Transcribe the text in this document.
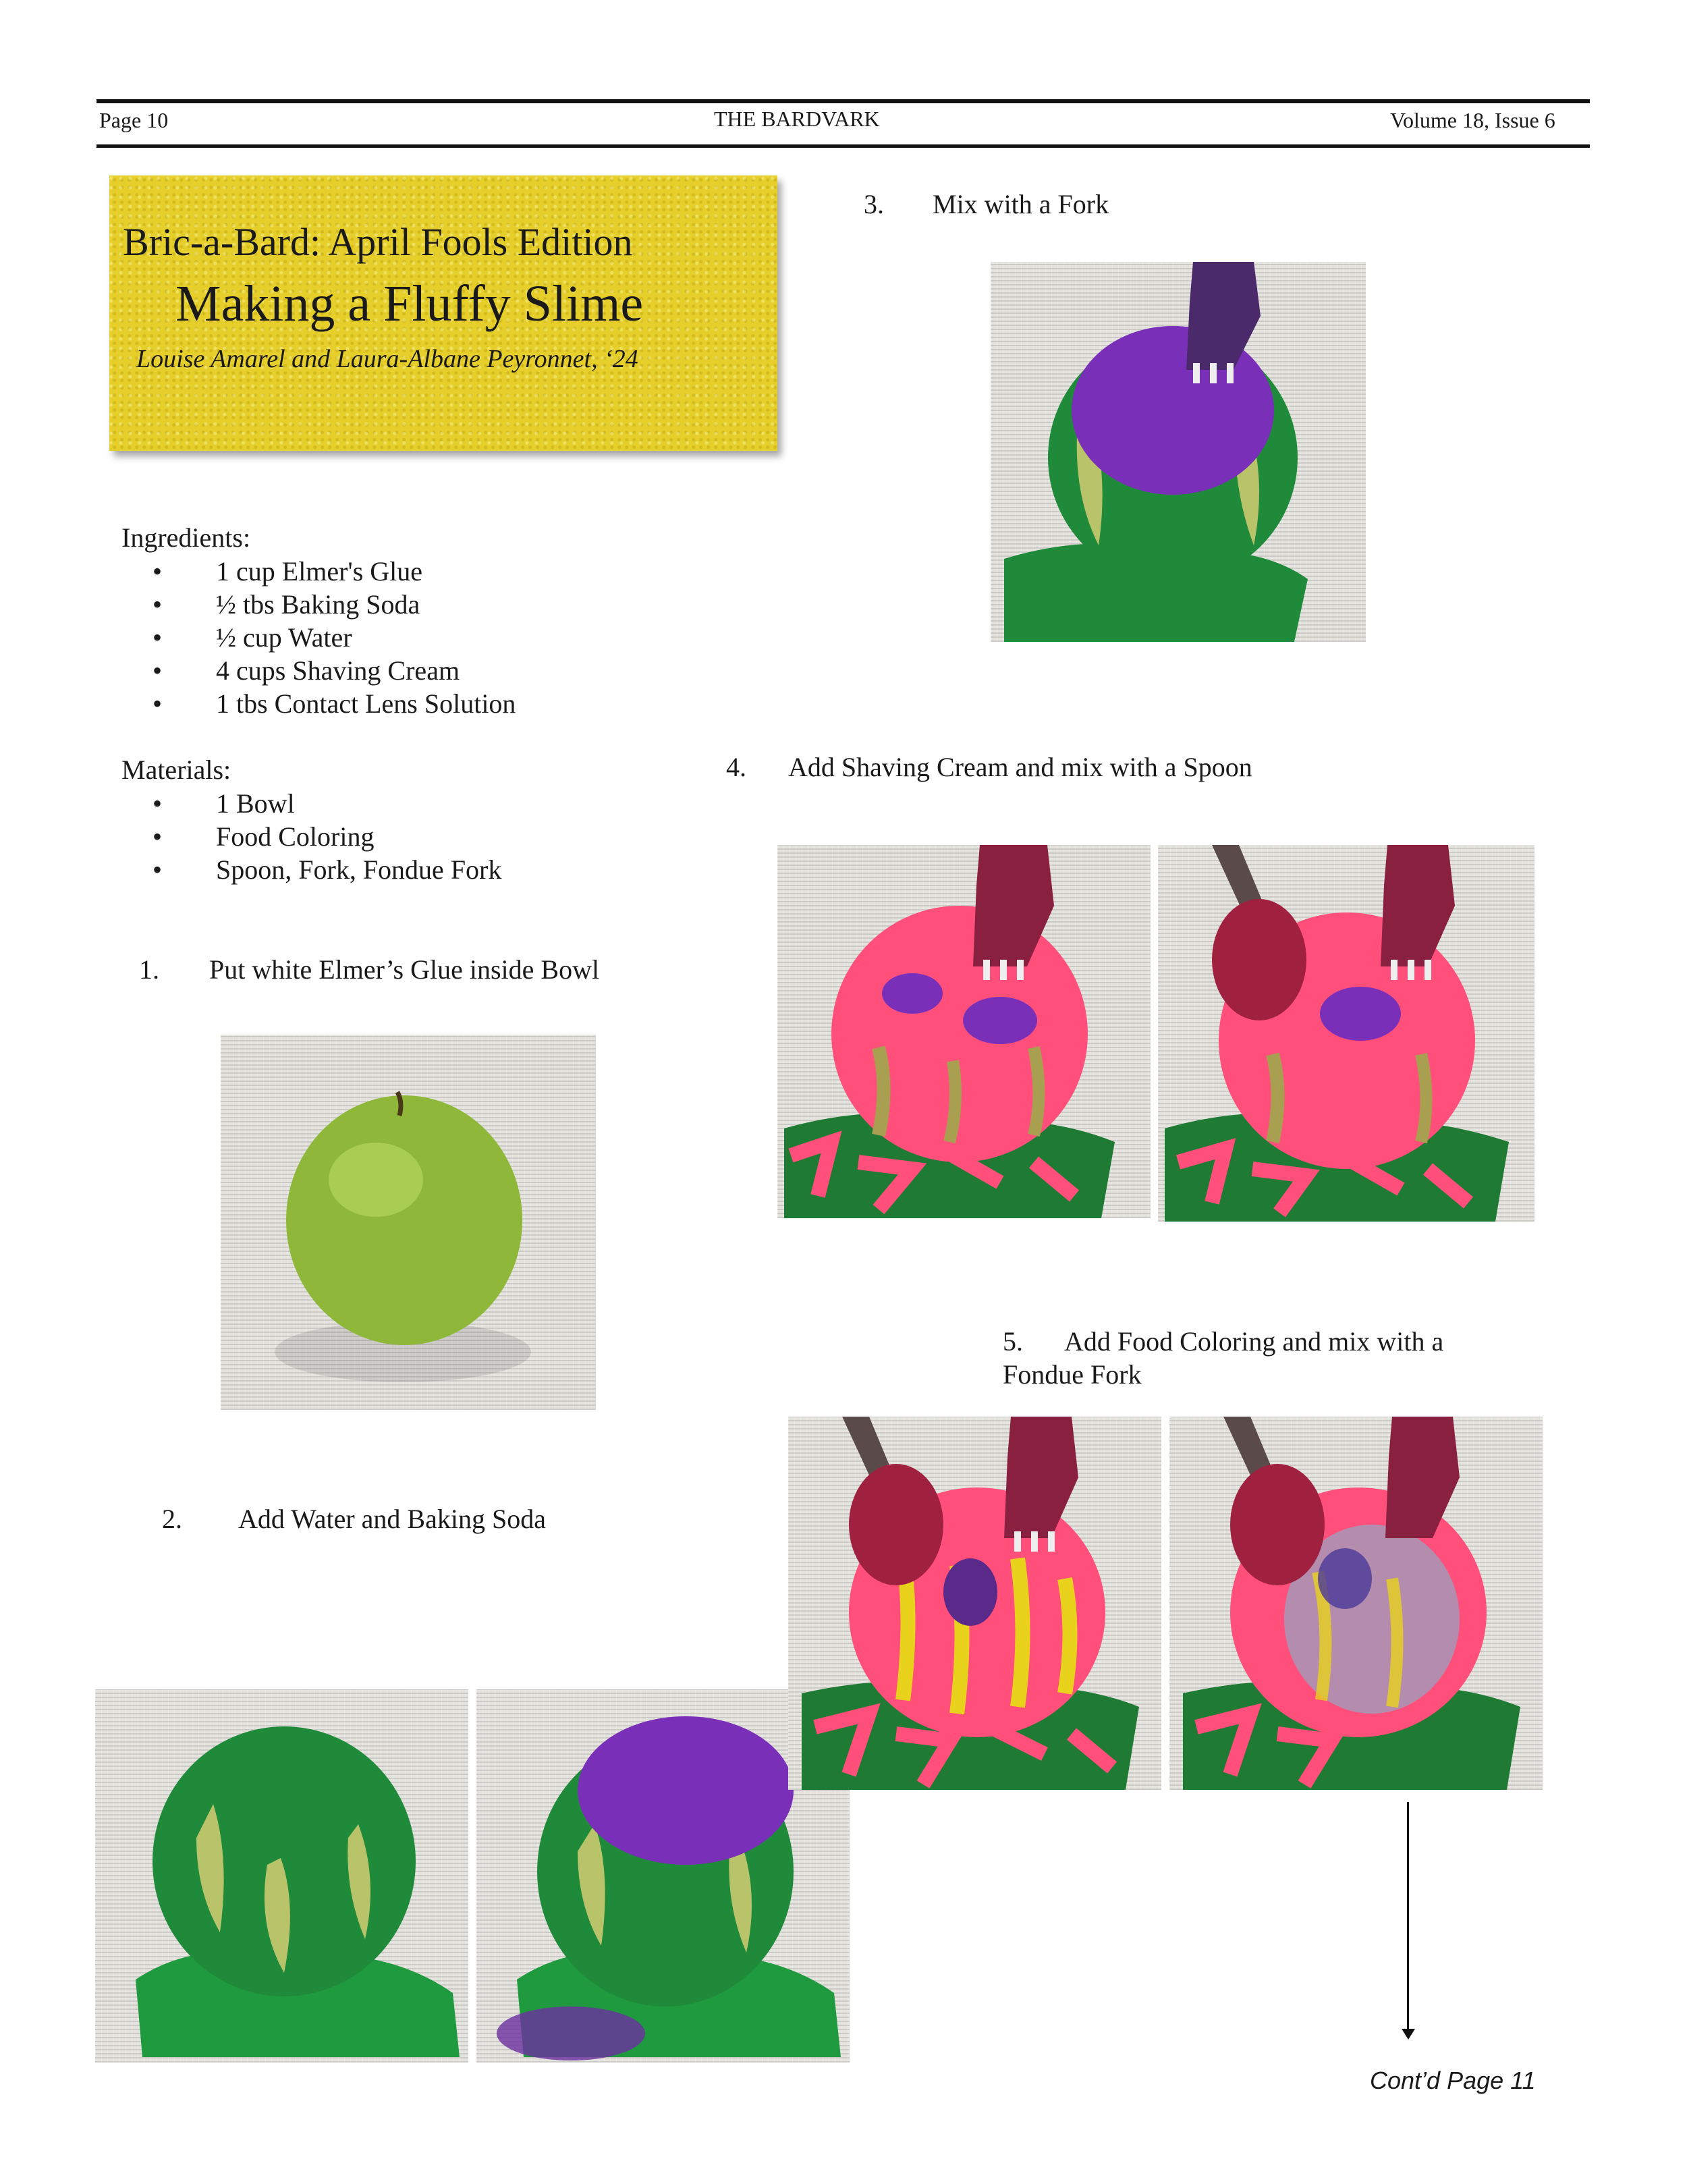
Page 10	THE BARDVARK	Volume 18, Issue 6
Bric-a-Bard: April Fools Edition
Making a Fluffy Slime
Louise Amarel and Laura-Albane Peyronnet, ‘24
Ingredients:
• 1 cup Elmer's Glue
• ½ tbs Baking Soda
• ½ cup Water
• 4 cups Shaving Cream
• 1 tbs Contact Lens Solution
Materials:
• 1 Bowl
• Food Coloring
• Spoon, Fork, Fondue Fork
1. Put white Elmer’s Glue inside Bowl
2. Add Water and Baking Soda
3. Mix with a Fork
4. Add Shaving Cream and mix with a Spoon
5. Add Food Coloring and mix with a
Fondue Fork
Cont’d Page 11
